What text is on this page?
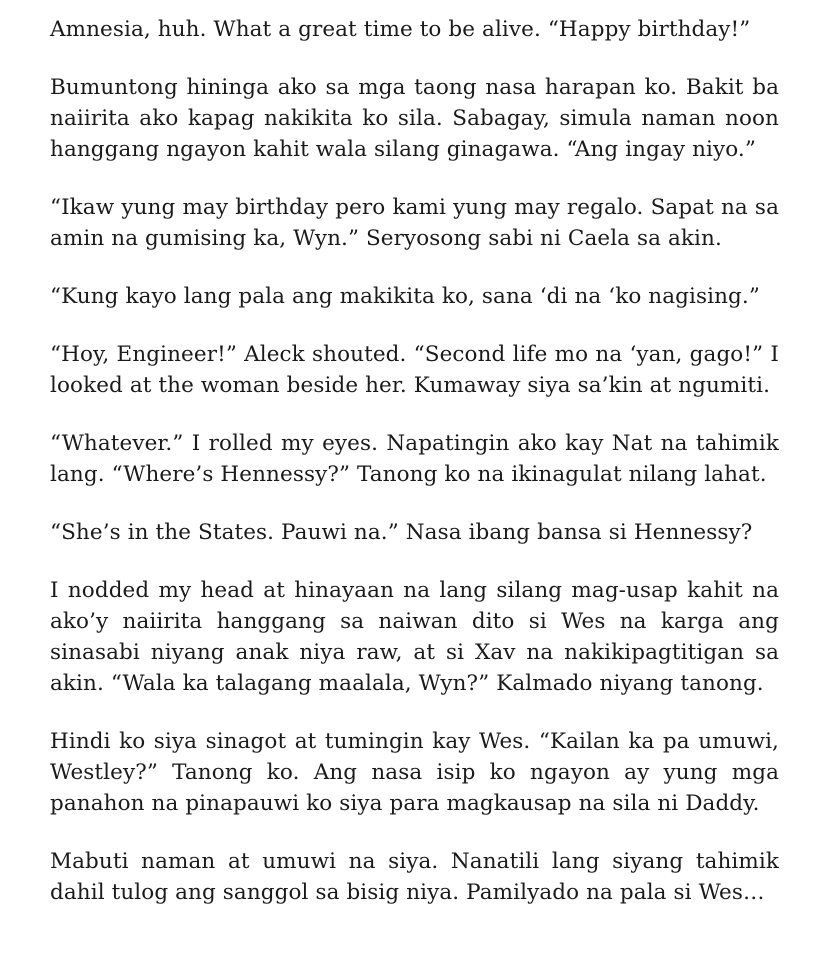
Amnesia, huh. What a great time to be alive. “Happy birthday!”

Bumuntong hininga ako sa mga taong nasa harapan ko. Bakit ba naiirita ako kapag nakikita ko sila. Sabagay, simula naman noon hanggang ngayon kahit wala silang ginagawa. “Ang ingay niyo.”

“Ikaw yung may birthday pero kami yung may regalo. Sapat na sa amin na gumising ka, Wyn.” Seryosong sabi ni Caela sa akin.

“Kung kayo lang pala ang makikita ko, sana ‘di na ‘ko nagising.”

“Hoy, Engineer!” Aleck shouted. “Second life mo na ‘yan, gago!” I looked at the woman beside her. Kumaway siya sa’kin at ngumiti.

“Whatever.” I rolled my eyes. Napatingin ako kay Nat na tahimik lang. “Where’s Hennessy?” Tanong ko na ikinagulat nilang lahat.

“She’s in the States. Pauwi na.” Nasa ibang bansa si Hennessy?

I nodded my head at hinayaan na lang silang mag-usap kahit na ako’y naiirita hanggang sa naiwan dito si Wes na karga ang sinasabi niyang anak niya raw, at si Xav na nakikipagtitigan sa akin. “Wala ka talagang maalala, Wyn?” Kalmado niyang tanong.

Hindi ko siya sinagot at tumingin kay Wes. “Kailan ka pa umuwi, Westley?” Tanong ko. Ang nasa isip ko ngayon ay yung mga panahon na pinapauwi ko siya para magkausap na sila ni Daddy.

Mabuti naman at umuwi na siya. Nanatili lang siyang tahimik dahil tulog ang sanggol sa bisig niya. Pamilyado na pala si Wes…
